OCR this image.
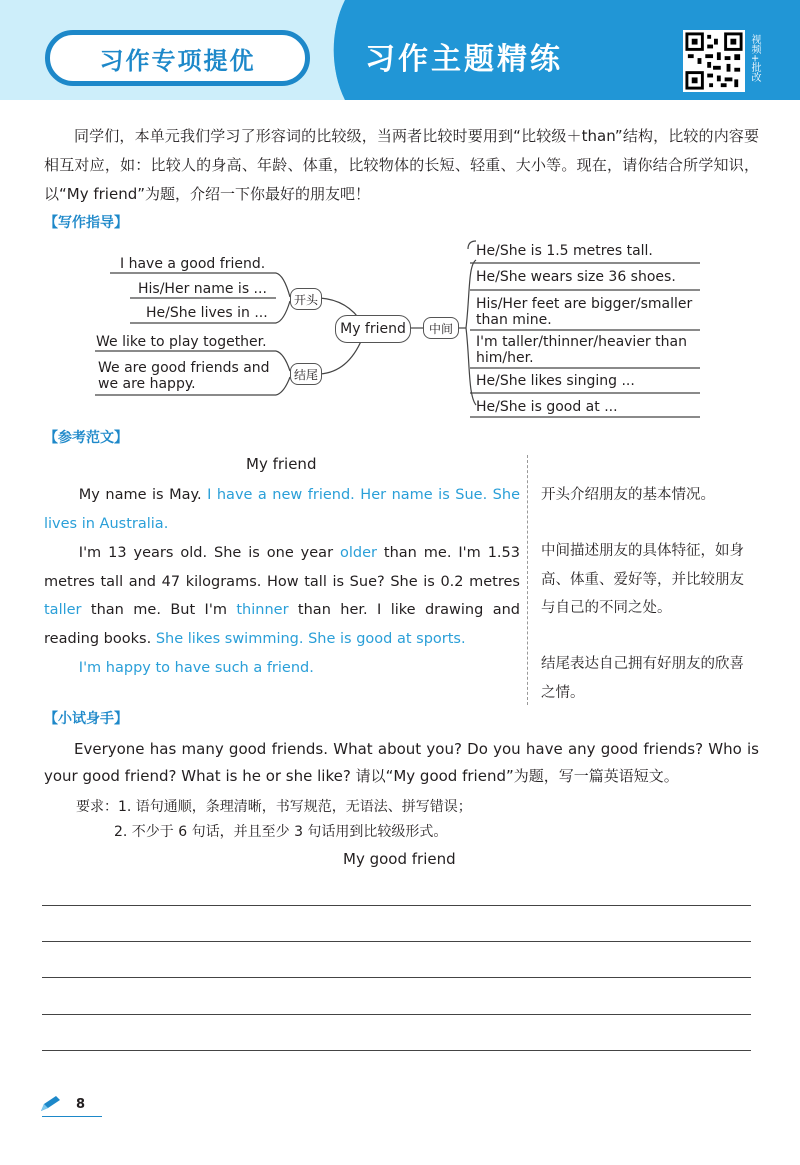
习作专项提优	习作主题精练	视频+批改

同学们，本单元我们学习了形容词的比较级，当两者比较时要用到“比较级＋than”结构，比较的内容要相互对应，如：比较人的身高、年龄、体重，比较物体的长短、轻重、大小等。现在，请你结合所学知识，以“My friend”为题，介绍一下你最好的朋友吧！

【写作指导】
I have a good friend.
His/Her name is ...
He/She lives in ...
开头
We like to play together.
We are good friends and
we are happy.
结尾
My friend	中间
He/She is 1.5 metres tall.
He/She wears size 36 shoes.
His/Her feet are bigger/smaller
than mine.
I'm taller/thinner/heavier than
him/her.
He/She likes singing ...
He/She is good at ...
【参考范文】
My friend

My name is May. I have a new friend. Her name is Sue. She lives in Australia.

I'm 13 years old. She is one year older than me. I'm 1.53 metres tall and 47 kilograms. How tall is Sue? She is 0.2 metres taller than me. But I'm thinner than her. I like drawing and reading books. She likes swimming. She is good at sports.

I'm happy to have such a friend.

开头介绍朋友的基本情况。
中间描述朋友的具体特征，如身高、体重、爱好等，并比较朋友与自己的不同之处。
结尾表达自己拥有好朋友的欣喜之情。
【小试身手】

Everyone has many good friends. What about you? Do you have any good friends? Who is your good friend? What is he or she like? 请以“My good friend”为题，写一篇英语短文。

要求：1. 语句通顺，条理清晰，书写规范，无语法、拼写错误；
2. 不少于 6 句话，并且至少 3 句话用到比较级形式。
My good friend
8
